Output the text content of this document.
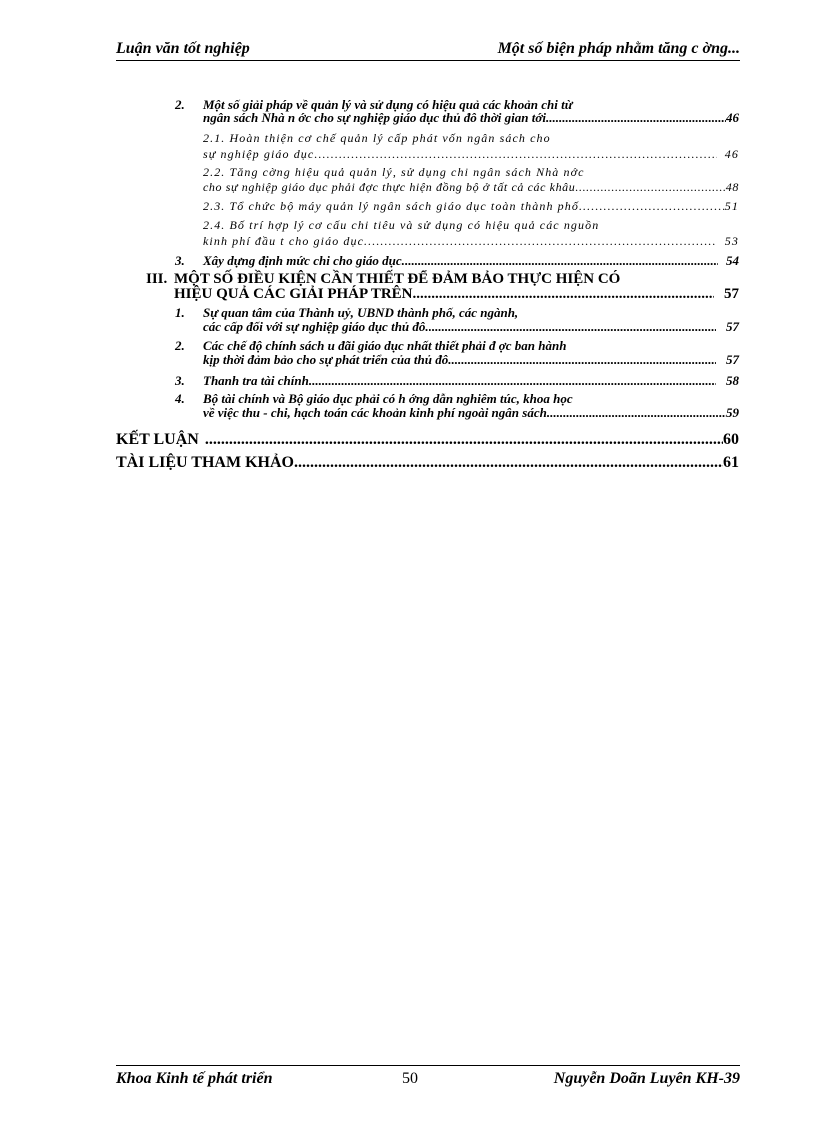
Luận văn tốt nghiệp	Một số biện pháp nhằm tăng c ờng...
2. Một số giải pháp về quản lý và sử dụng có hiệu quả các khoản chi từ
ngân sách Nhà n ớc cho sự nghiệp giáo dục thủ đô thời gian tới. .....	46
2.1. Hoàn thiện cơ chế quản lý cấp phát vốn ngân sách cho
sự nghiệp giáo dục .....	46
2.2. Tăng cờng hiệu quả quản lý, sử dụng chi ngân sách Nhà nớc
cho sự nghiệp giáo dục phải đợc thực hiện đồng bộ ở tất cả các khâu .....	48
2.3. Tổ chức bộ máy quản lý ngân sách giáo dục toàn thành phố .....	51
2.4. Bố trí hợp lý cơ cấu chi tiêu và sử dụng có hiệu quả các nguồn
kinh phí đầu t cho giáo dục .....	53
3. Xây dựng định mức chi cho giáo dục. .....	54
III. MỘT SỐ ĐIỀU KIỆN CẦN THIẾT ĐỂ ĐẢM BẢO THỰC HIỆN CÓ
HIỆU QUẢ CÁC GIẢI PHÁP TRÊN. .....	57
1. Sự quan tâm của Thành uỷ, UBND thành phố, các ngành,
các cấp đối với sự nghiệp giáo dục thủ đô. .....	57
2. Các chế độ chính sách u đãi giáo dục nhất thiết phải đ ợc ban hành
kịp thời đảm bảo cho sự phát triển của thủ đô. .....	57
3. Thanh tra tài chính .....	58
4. Bộ tài chính và Bộ giáo dục phải có h ớng dẫn nghiêm túc, khoa học
về việc thu - chi, hạch toán các khoản kinh phí ngoài ngân sách. .....	59
KẾT LUẬN .....	60
TÀI LIỆU THAM KHẢO .....	61
Khoa Kinh tế phát triển	50	Nguyễn Doãn Luyên KH-39
